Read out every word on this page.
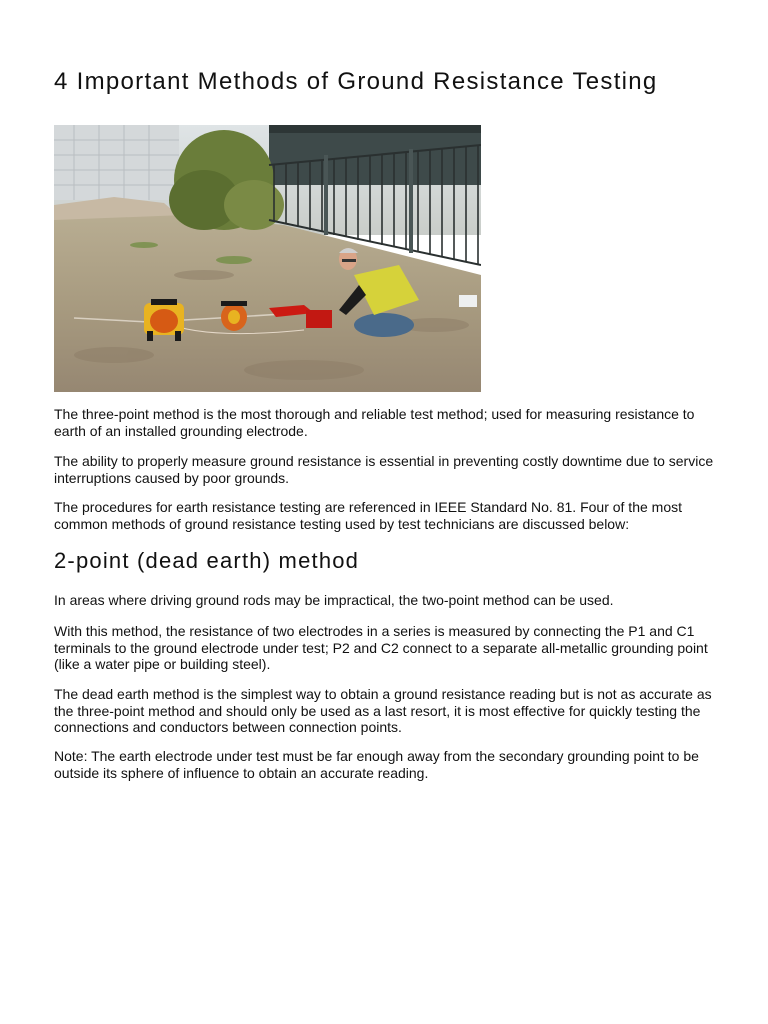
4 Important Methods of Ground Resistance Testing

The three-point method is the most thorough and reliable test method; used for measuring resistance to earth of an installed grounding electrode.

The ability to properly measure ground resistance is essential in preventing costly downtime due to service interruptions caused by poor grounds.

The procedures for earth resistance testing are referenced in IEEE Standard No. 81. Four of the most common methods of ground resistance testing used by test technicians are discussed below:

2-point (dead earth) method

In areas where driving ground rods may be impractical, the two-point method can be used.

With this method, the resistance of two electrodes in a series is measured by connecting the P1 and C1 terminals to the ground electrode under test; P2 and C2 connect to a separate all-metallic grounding point (like a water pipe or building steel).

The dead earth method is the simplest way to obtain a ground resistance reading but is not as accurate as the three-point method and should only be used as a last resort, it is most effective for quickly testing the connections and conductors between connection points.

Note: The earth electrode under test must be far enough away from the secondary grounding point to be outside its sphere of influence to obtain an accurate reading.
